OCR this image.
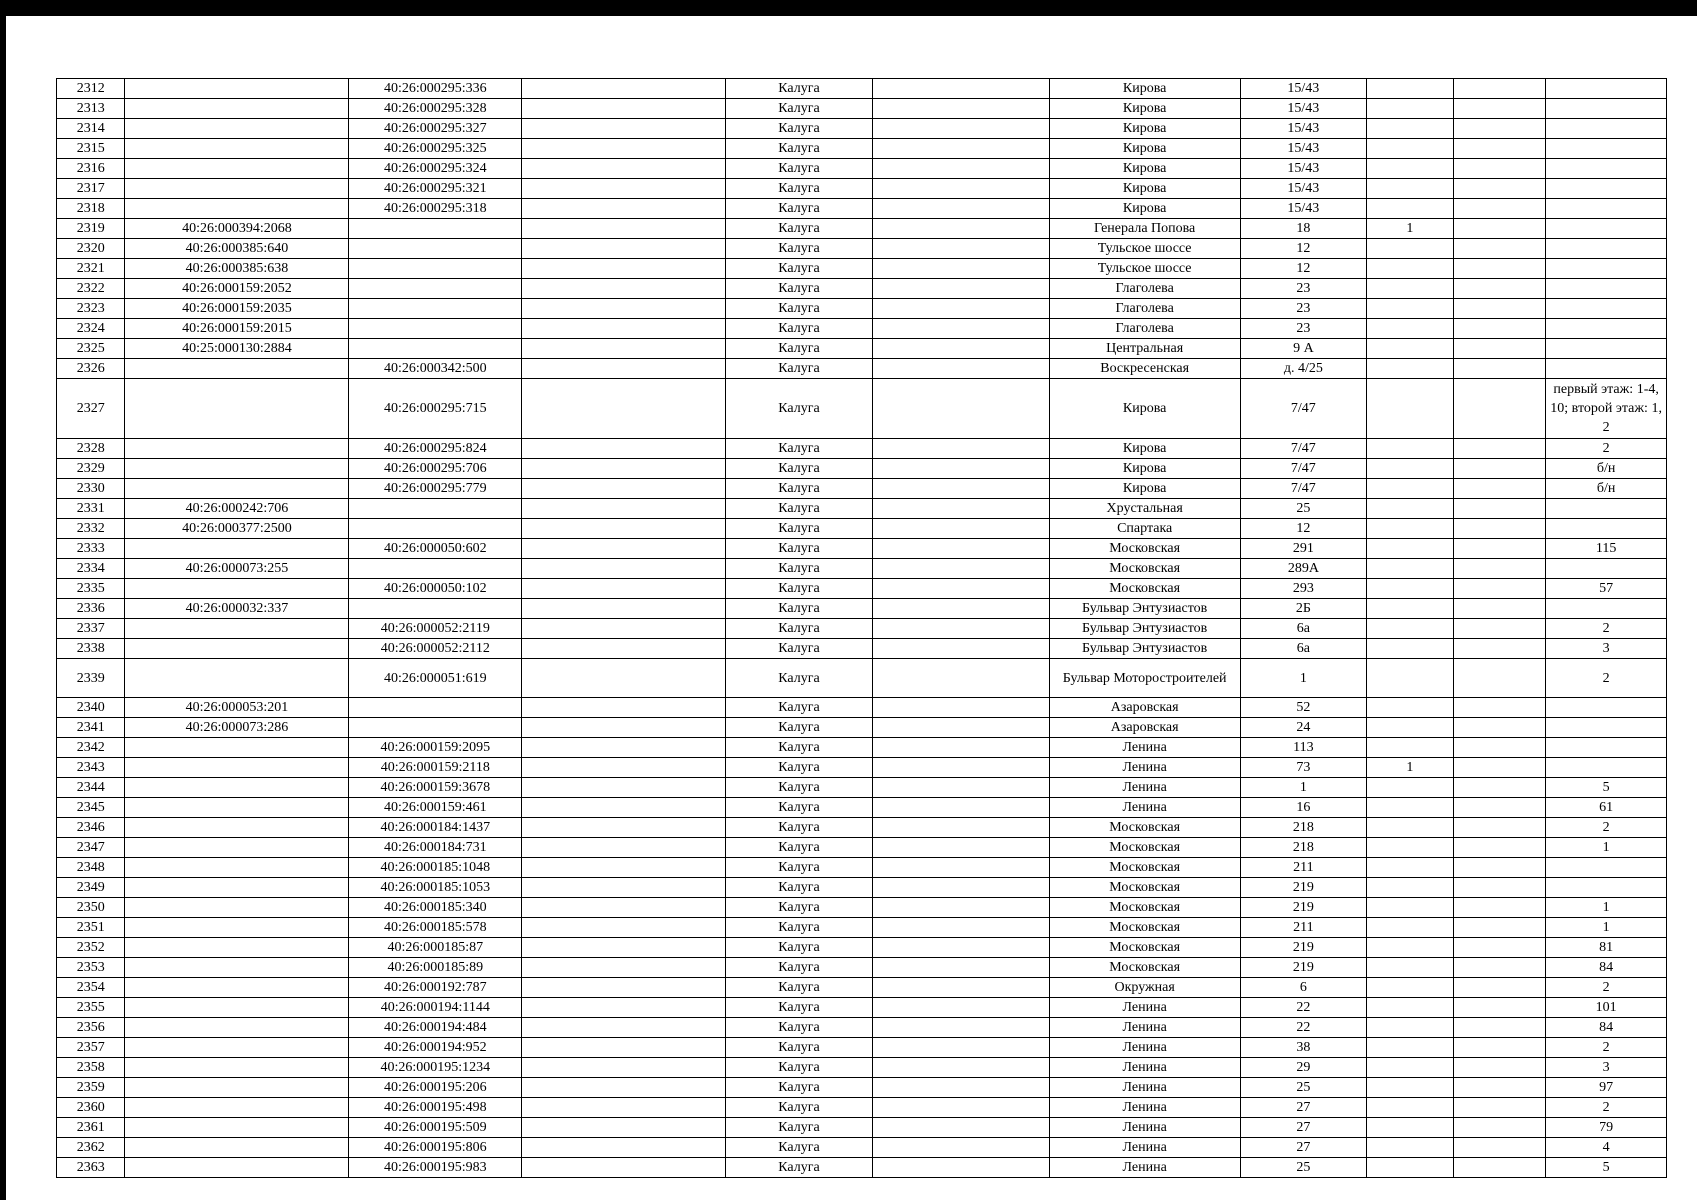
2312		40:26:000295:336		Калуга		Кирова	15/43			
2313		40:26:000295:328		Калуга		Кирова	15/43			
2314		40:26:000295:327		Калуга		Кирова	15/43			
2315		40:26:000295:325		Калуга		Кирова	15/43			
2316		40:26:000295:324		Калуга		Кирова	15/43			
2317		40:26:000295:321		Калуга		Кирова	15/43			
2318		40:26:000295:318		Калуга		Кирова	15/43			
2319	40:26:000394:2068			Калуга		Генерала Попова	18	1		
2320	40:26:000385:640			Калуга		Тульское шоссе	12			
2321	40:26:000385:638			Калуга		Тульское шоссе	12			
2322	40:26:000159:2052			Калуга		Глаголева	23			
2323	40:26:000159:2035			Калуга		Глаголева	23			
2324	40:26:000159:2015			Калуга		Глаголева	23			
2325	40:25:000130:2884			Калуга		Центральная	9 А			
2326		40:26:000342:500		Калуга		Воскресенская	д. 4/25			
2327		40:26:000295:715		Калуга		Кирова	7/47			первый этаж: 1-4, 10; второй этаж: 1, 2
2328		40:26:000295:824		Калуга		Кирова	7/47			2
2329		40:26:000295:706		Калуга		Кирова	7/47			б/н
2330		40:26:000295:779		Калуга		Кирова	7/47			б/н
2331	40:26:000242:706			Калуга		Хрустальная	25			
2332	40:26:000377:2500			Калуга		Спартака	12			
2333		40:26:000050:602		Калуга		Московская	291			115
2334	40:26:000073:255			Калуга		Московская	289А			
2335		40:26:000050:102		Калуга		Московская	293			57
2336	40:26:000032:337			Калуга		Бульвар Энтузиастов	2Б			
2337		40:26:000052:2119		Калуга		Бульвар Энтузиастов	6а			2
2338		40:26:000052:2112		Калуга		Бульвар Энтузиастов	6а			3
2339		40:26:000051:619		Калуга		Бульвар Моторостроителей	1			2
2340	40:26:000053:201			Калуга		Азаровская	52			
2341	40:26:000073:286			Калуга		Азаровская	24			
2342		40:26:000159:2095		Калуга		Ленина	113			
2343		40:26:000159:2118		Калуга		Ленина	73	1		
2344		40:26:000159:3678		Калуга		Ленина	1			5
2345		40:26:000159:461		Калуга		Ленина	16			61
2346		40:26:000184:1437		Калуга		Московская	218			2
2347		40:26:000184:731		Калуга		Московская	218			1
2348		40:26:000185:1048		Калуга		Московская	211			
2349		40:26:000185:1053		Калуга		Московская	219			
2350		40:26:000185:340		Калуга		Московская	219			1
2351		40:26:000185:578		Калуга		Московская	211			1
2352		40:26:000185:87		Калуга		Московская	219			81
2353		40:26:000185:89		Калуга		Московская	219			84
2354		40:26:000192:787		Калуга		Окружная	6			2
2355		40:26:000194:1144		Калуга		Ленина	22			101
2356		40:26:000194:484		Калуга		Ленина	22			84
2357		40:26:000194:952		Калуга		Ленина	38			2
2358		40:26:000195:1234		Калуга		Ленина	29			3
2359		40:26:000195:206		Калуга		Ленина	25			97
2360		40:26:000195:498		Калуга		Ленина	27			2
2361		40:26:000195:509		Калуга		Ленина	27			79
2362		40:26:000195:806		Калуга		Ленина	27			4
2363		40:26:000195:983		Калуга		Ленина	25			5
